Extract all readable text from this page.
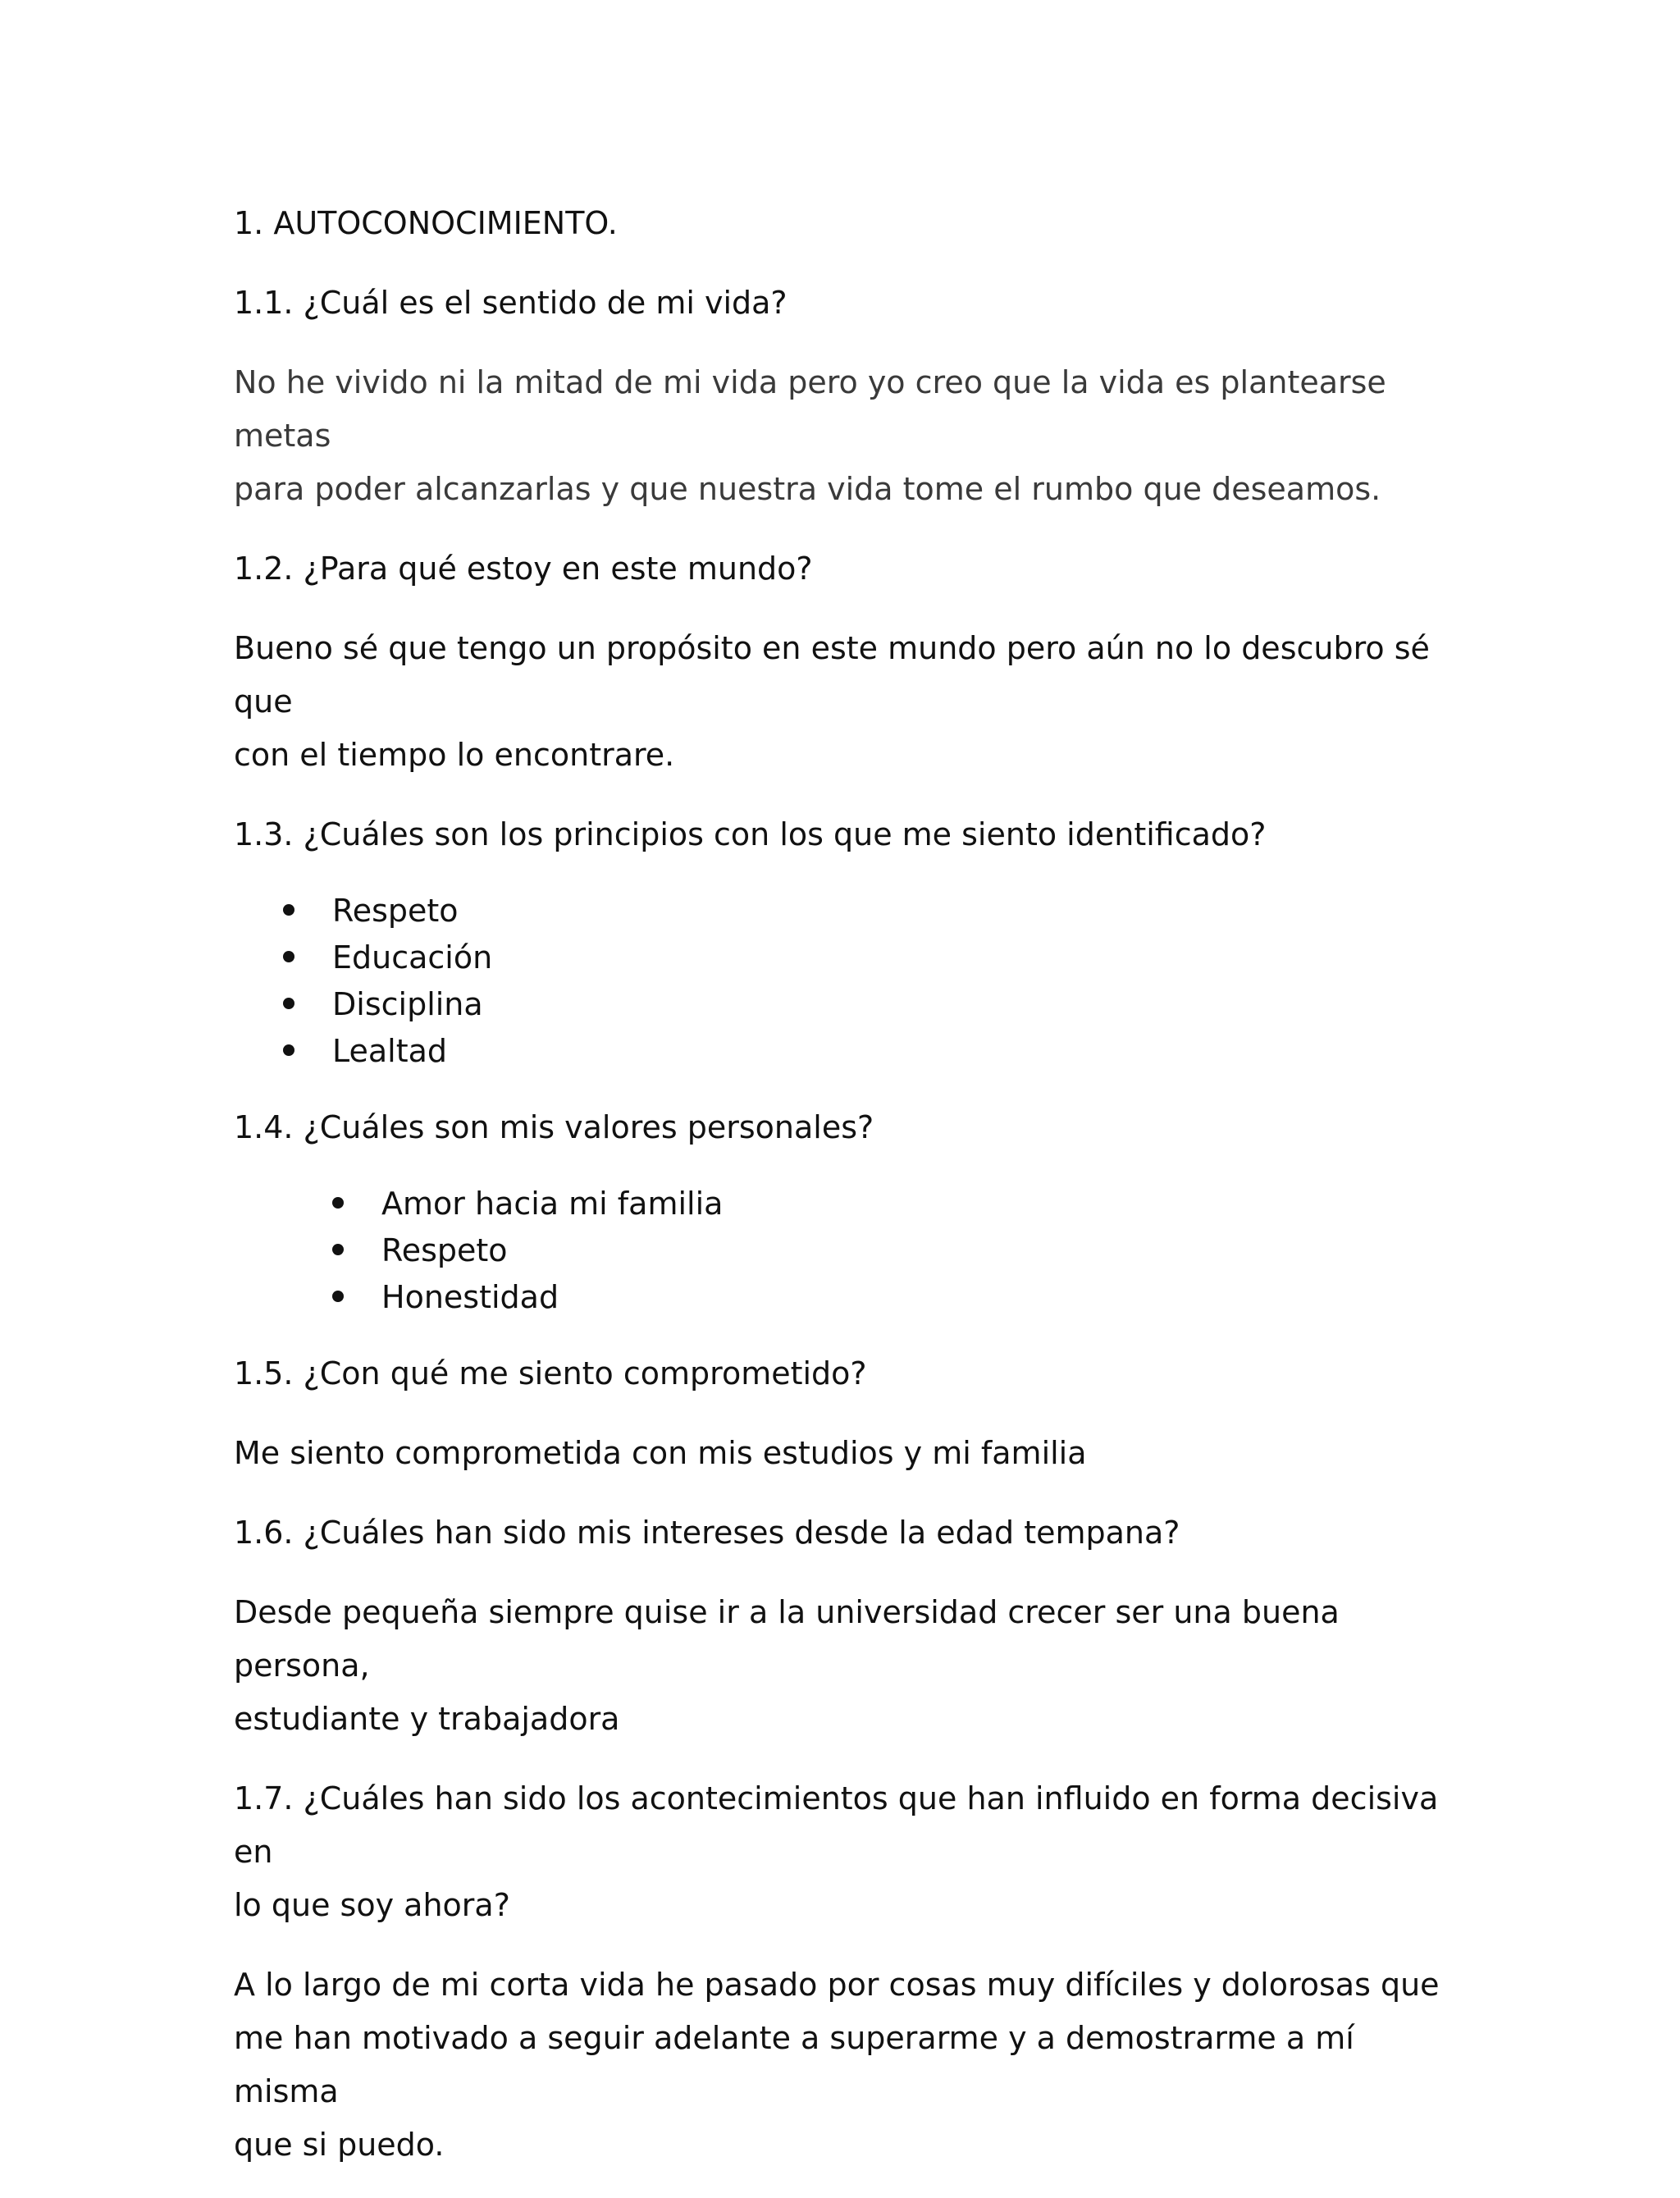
1. AUTOCONOCIMIENTO.
1.1. ¿Cuál es el sentido de mi vida?
No he vivido ni la mitad de mi vida pero yo creo que la vida es plantearse metas
para poder alcanzarlas y que nuestra vida tome el rumbo que deseamos.
1.2. ¿Para qué estoy en este mundo?
Bueno sé que tengo un propósito en este mundo pero aún no lo descubro sé que
con el tiempo lo encontrare.
1.3. ¿Cuáles son los principios con los que me siento identificado?
Respeto
Educación
Disciplina
Lealtad
1.4. ¿Cuáles son mis valores personales?
Amor hacia mi familia
Respeto
Honestidad
1.5. ¿Con qué me siento comprometido?
Me siento comprometida con mis estudios y mi familia
1.6. ¿Cuáles han sido mis intereses desde la edad tempana?
Desde pequeña siempre quise ir a la universidad crecer ser una buena persona,
estudiante y trabajadora
1.7. ¿Cuáles han sido los acontecimientos que han influido en forma decisiva en
lo que soy ahora?
A lo largo de mi corta vida he pasado por cosas muy difíciles y dolorosas que
me han motivado a seguir adelante a superarme y a demostrarme a mí misma
que si puedo.
